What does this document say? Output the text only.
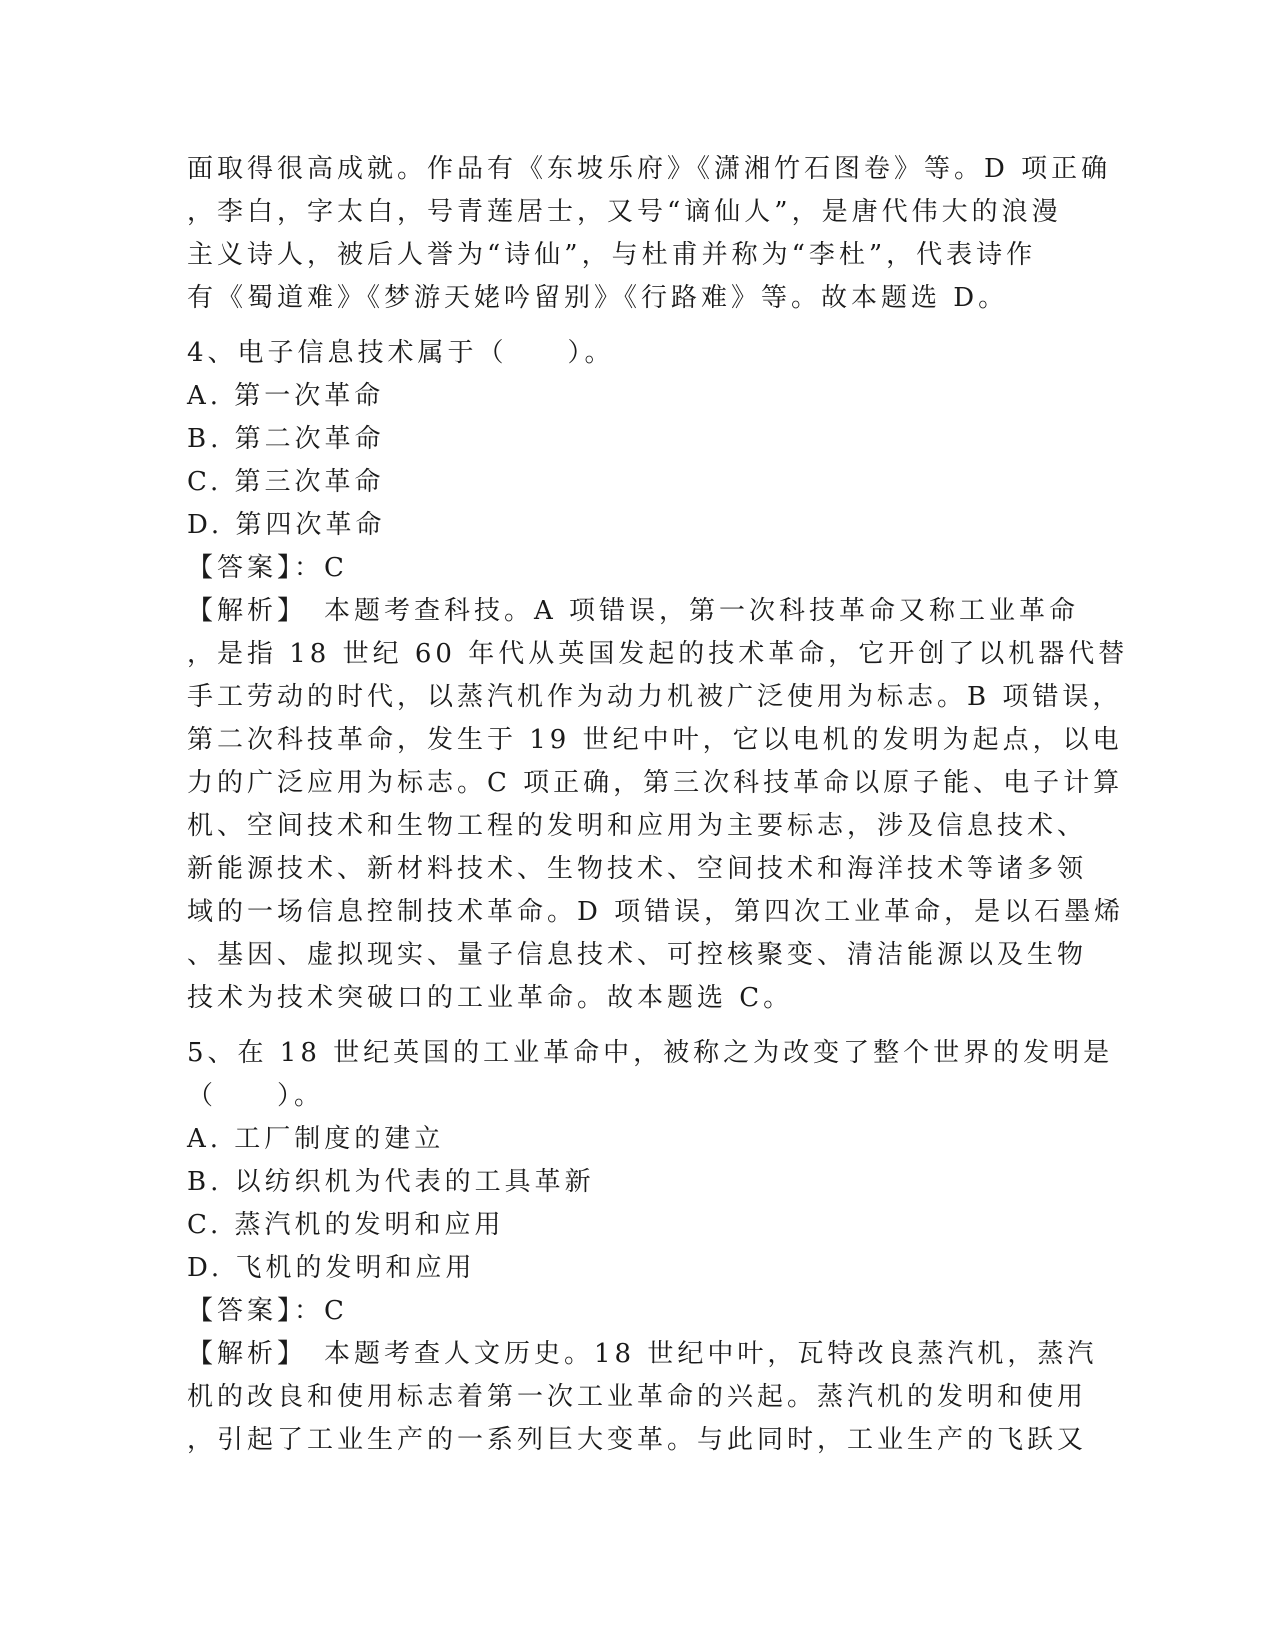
面取得很高成就。作品有《东坡乐府》《潇湘竹石图卷》等。D 项正确
，李白，字太白，号青莲居士，又号“谪仙人”，是唐代伟大的浪漫
主义诗人，被后人誉为“诗仙”，与杜甫并称为“李杜”，代表诗作
有《蜀道难》《梦游天姥吟留别》《行路难》等。故本题选 D。
4、电子信息技术属于（　　）。
A. 第一次革命
B. 第二次革命
C. 第三次革命
D. 第四次革命
【答案】：C
【解析】　本题考查科技。A 项错误，第一次科技革命又称工业革命
，是指 18 世纪 60 年代从英国发起的技术革命，它开创了以机器代替
手工劳动的时代，以蒸汽机作为动力机被广泛使用为标志。B 项错误，
第二次科技革命，发生于 19 世纪中叶，它以电机的发明为起点，以电
力的广泛应用为标志。C 项正确，第三次科技革命以原子能、电子计算
机、空间技术和生物工程的发明和应用为主要标志，涉及信息技术、
新能源技术、新材料技术、生物技术、空间技术和海洋技术等诸多领
域的一场信息控制技术革命。D 项错误，第四次工业革命，是以石墨烯
、基因、虚拟现实、量子信息技术、可控核聚变、清洁能源以及生物
技术为技术突破口的工业革命。故本题选 C。
5、在 18 世纪英国的工业革命中，被称之为改变了整个世界的发明是
（　　）。
A. 工厂制度的建立
B. 以纺织机为代表的工具革新
C. 蒸汽机的发明和应用
D. 飞机的发明和应用
【答案】：C
【解析】　本题考查人文历史。18 世纪中叶，瓦特改良蒸汽机，蒸汽
机的改良和使用标志着第一次工业革命的兴起。蒸汽机的发明和使用
，引起了工业生产的一系列巨大变革。与此同时，工业生产的飞跃又
